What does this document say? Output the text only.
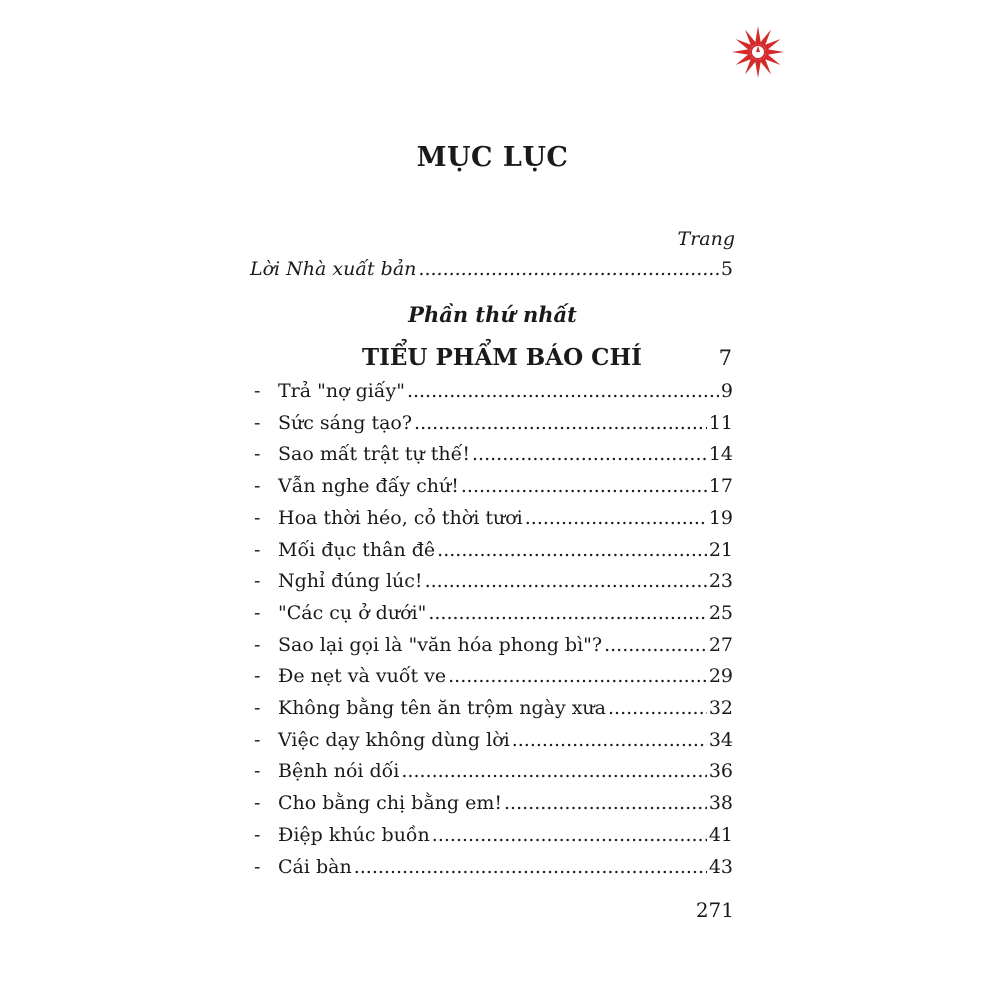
MỤC LỤC
Trang
Lời Nhà xuất bản .....	5
Phần thứ nhất
TIỂU PHẨM BÁO CHÍ	7
- Trả "nợ giấy" .....	9
- Sức sáng tạo? .....	11
- Sao mất trật tự thế! .....	14
- Vẫn nghe đấy chứ! .....	17
- Hoa thời héo, cỏ thời tươi .....	19
- Mối đục thân đê .....	21
- Nghỉ đúng lúc! .....	23
- "Các cụ ở dưới" .....	25
- Sao lại gọi là "văn hóa phong bì"? .....	27
- Đe nẹt và vuốt ve .....	29
- Không bằng tên ăn trộm ngày xưa .....	32
- Việc dạy không dùng lời .....	34
- Bệnh nói dối .....	36
- Cho bằng chị bằng em! .....	38
- Điệp khúc buồn .....	41
- Cái bàn .....	43
271
